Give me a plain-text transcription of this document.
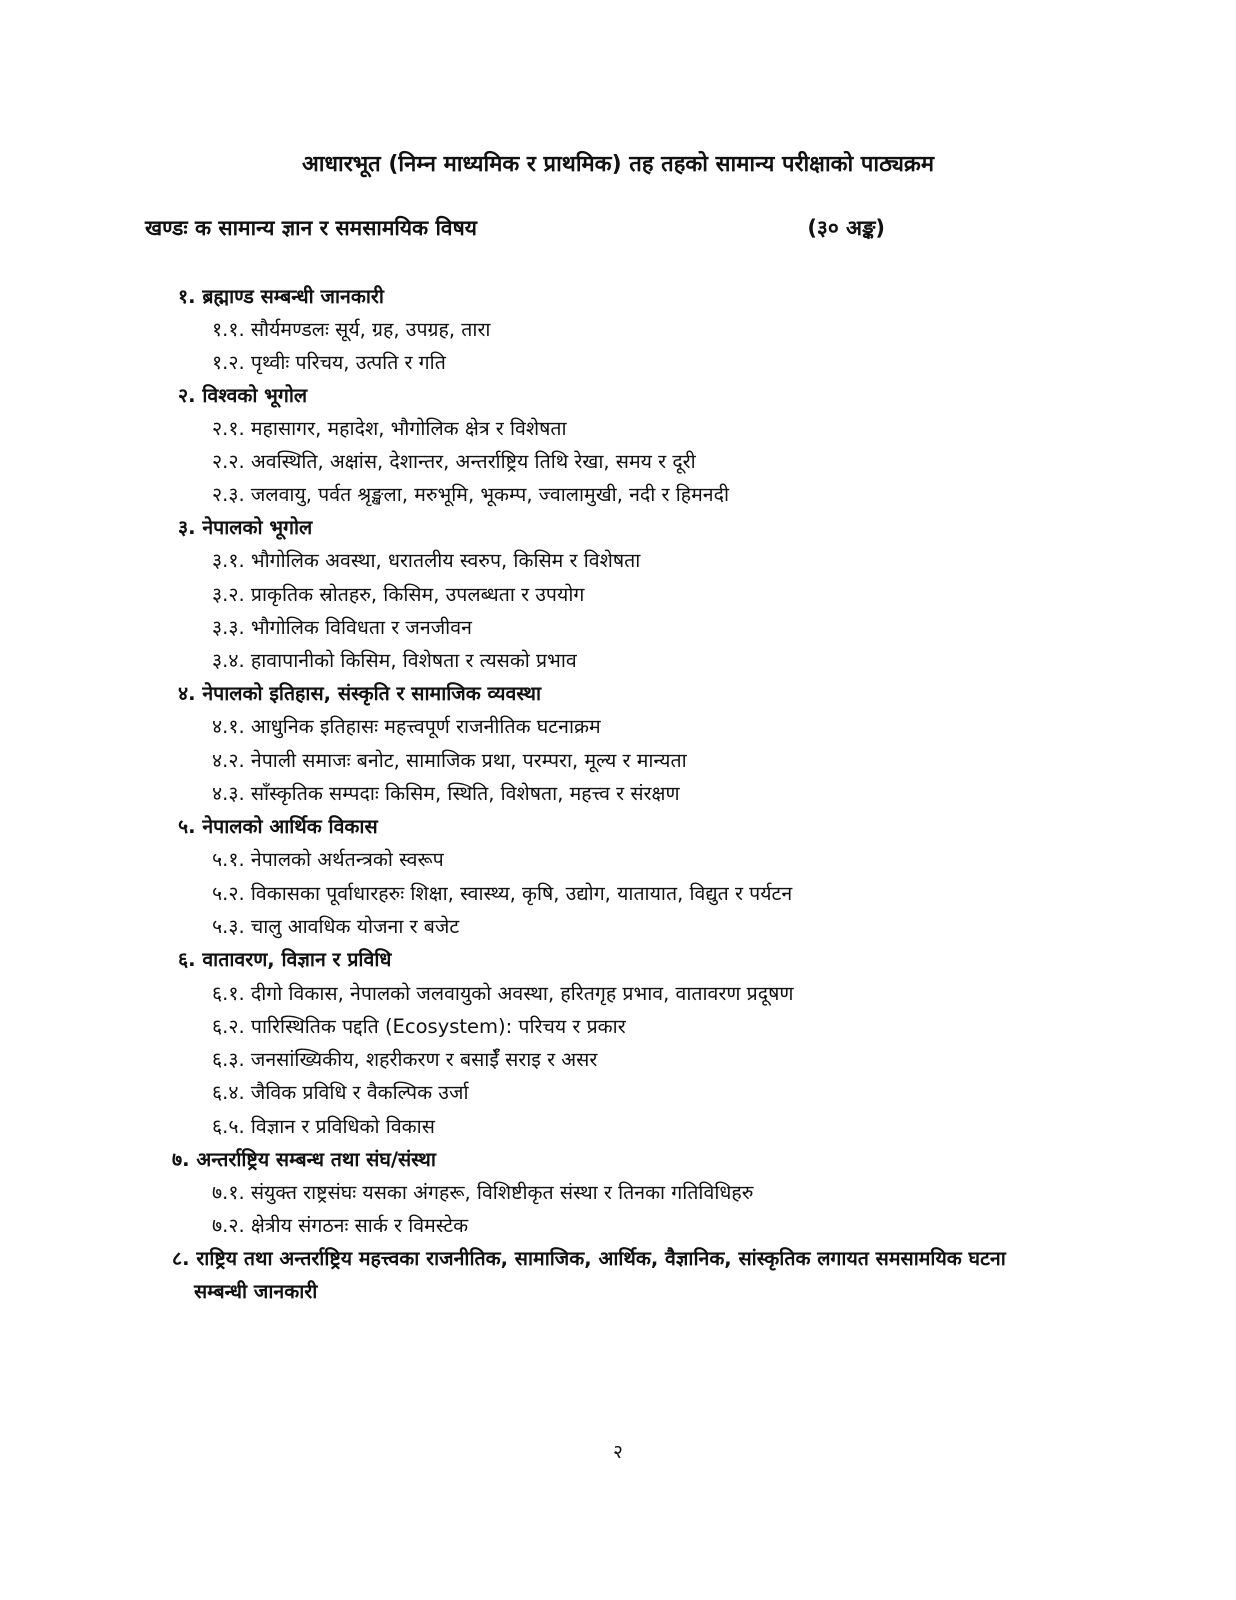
आधारभूत (निम्न माध्यमिक र प्राथमिक) तह तहको सामान्य परीक्षाको पाठ्यक्रम
खण्डः क सामान्य ज्ञान र समसामयिक विषय	(३० अङ्क)
१. ब्रह्माण्ड सम्बन्धी जानकारी
१.१. सौर्यमण्डलः सूर्य, ग्रह, उपग्रह, तारा
१.२. पृथ्वीः परिचय, उत्पति र गति
२. विश्वको भूगोल
२.१. महासागर, महादेश, भौगोलिक क्षेत्र र विशेषता
२.२. अवस्थिति, अक्षांस, देशान्तर, अन्तर्राष्ट्रिय तिथि रेखा, समय र दूरी
२.३. जलवायु, पर्वत श्रृङ्खला, मरुभूमि, भूकम्प, ज्वालामुखी, नदी र हिमनदी
३. नेपालको भूगोल
३.१. भौगोलिक अवस्था, धरातलीय स्वरुप, किसिम र विशेषता
३.२. प्राकृतिक स्रोतहरु, किसिम, उपलब्धता र उपयोग
३.३. भौगोलिक विविधता र जनजीवन
३.४. हावापानीको किसिम, विशेषता र त्यसको प्रभाव
४. नेपालको इतिहास, संस्कृति र सामाजिक व्यवस्था
४.१. आधुनिक इतिहासः महत्त्वपूर्ण राजनीतिक घटनाक्रम
४.२. नेपाली समाजः बनोट, सामाजिक प्रथा, परम्परा, मूल्य र मान्यता
४.३. साँस्कृतिक सम्पदाः किसिम, स्थिति, विशेषता, महत्त्व र संरक्षण
५. नेपालको आर्थिक विकास
५.१. नेपालको अर्थतन्त्रको स्वरूप
५.२. विकासका पूर्वाधारहरुः शिक्षा, स्वास्थ्य, कृषि, उद्योग, यातायात, विद्युत र पर्यटन
५.३. चालु आवधिक योजना र बजेट
६. वातावरण, विज्ञान र प्रविधि
६.१. दीगो विकास, नेपालको जलवायुको अवस्था, हरितगृह प्रभाव, वातावरण प्रदूषण
६.२. पारिस्थितिक पद्दति (Ecosystem): परिचय र प्रकार
६.३. जनसांख्यिकीय, शहरीकरण र बसाईँ सराइ र असर
६.४. जैविक प्रविधि र वैकल्पिक उर्जा
६.५. विज्ञान र प्रविधिको विकास
७. अन्तर्राष्ट्रिय सम्बन्ध तथा संघ/संस्था
७.१. संयुक्त राष्ट्रसंघः यसका अंगहरू, विशिष्टीकृत संस्था र तिनका गतिविधिहरु
७.२. क्षेत्रीय संगठनः सार्क र विमस्टेक
८. राष्ट्रिय तथा अन्तर्राष्ट्रिय महत्त्वका राजनीतिक, सामाजिक, आर्थिक, वैज्ञानिक, सांस्कृतिक लगायत समसामयिक घटना
सम्बन्धी जानकारी
२
